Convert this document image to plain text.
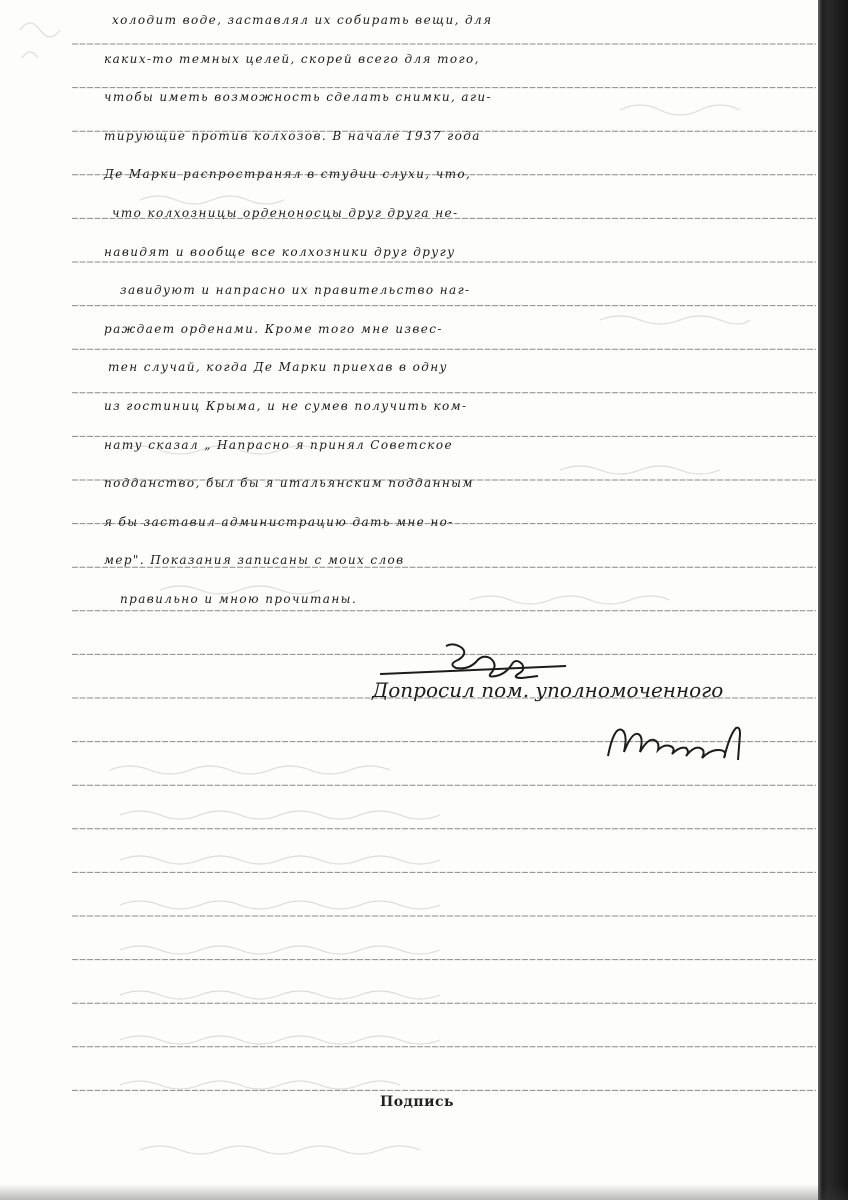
холодит воде, заставлял их собирать вещи, для
каких-то темных целей, скорей всего для того,
чтобы иметь возможность сделать снимки, аги-
тирующие против колхозов. В начале 1937 года
Де Марки распространял в студии слухи, что,
что колхозницы орденоносцы друг друга не-
навидят и вообще все колхозники друг другу
завидуют и напрасно их правительство наг-
раждает орденами. Кроме того мне извес-
тен случай, когда Де Марки приехав в одну
из гостиниц Крыма, и не сумев получить ком-
нату сказал „ Напрасно я принял Советское
подданство, был бы я итальянским подданным
я бы заставил администрацию дать мне но-
мер". Показания записаны с моих слов
правильно и мною прочитаны.
Допросил пом. уполномоченного
Подпись
